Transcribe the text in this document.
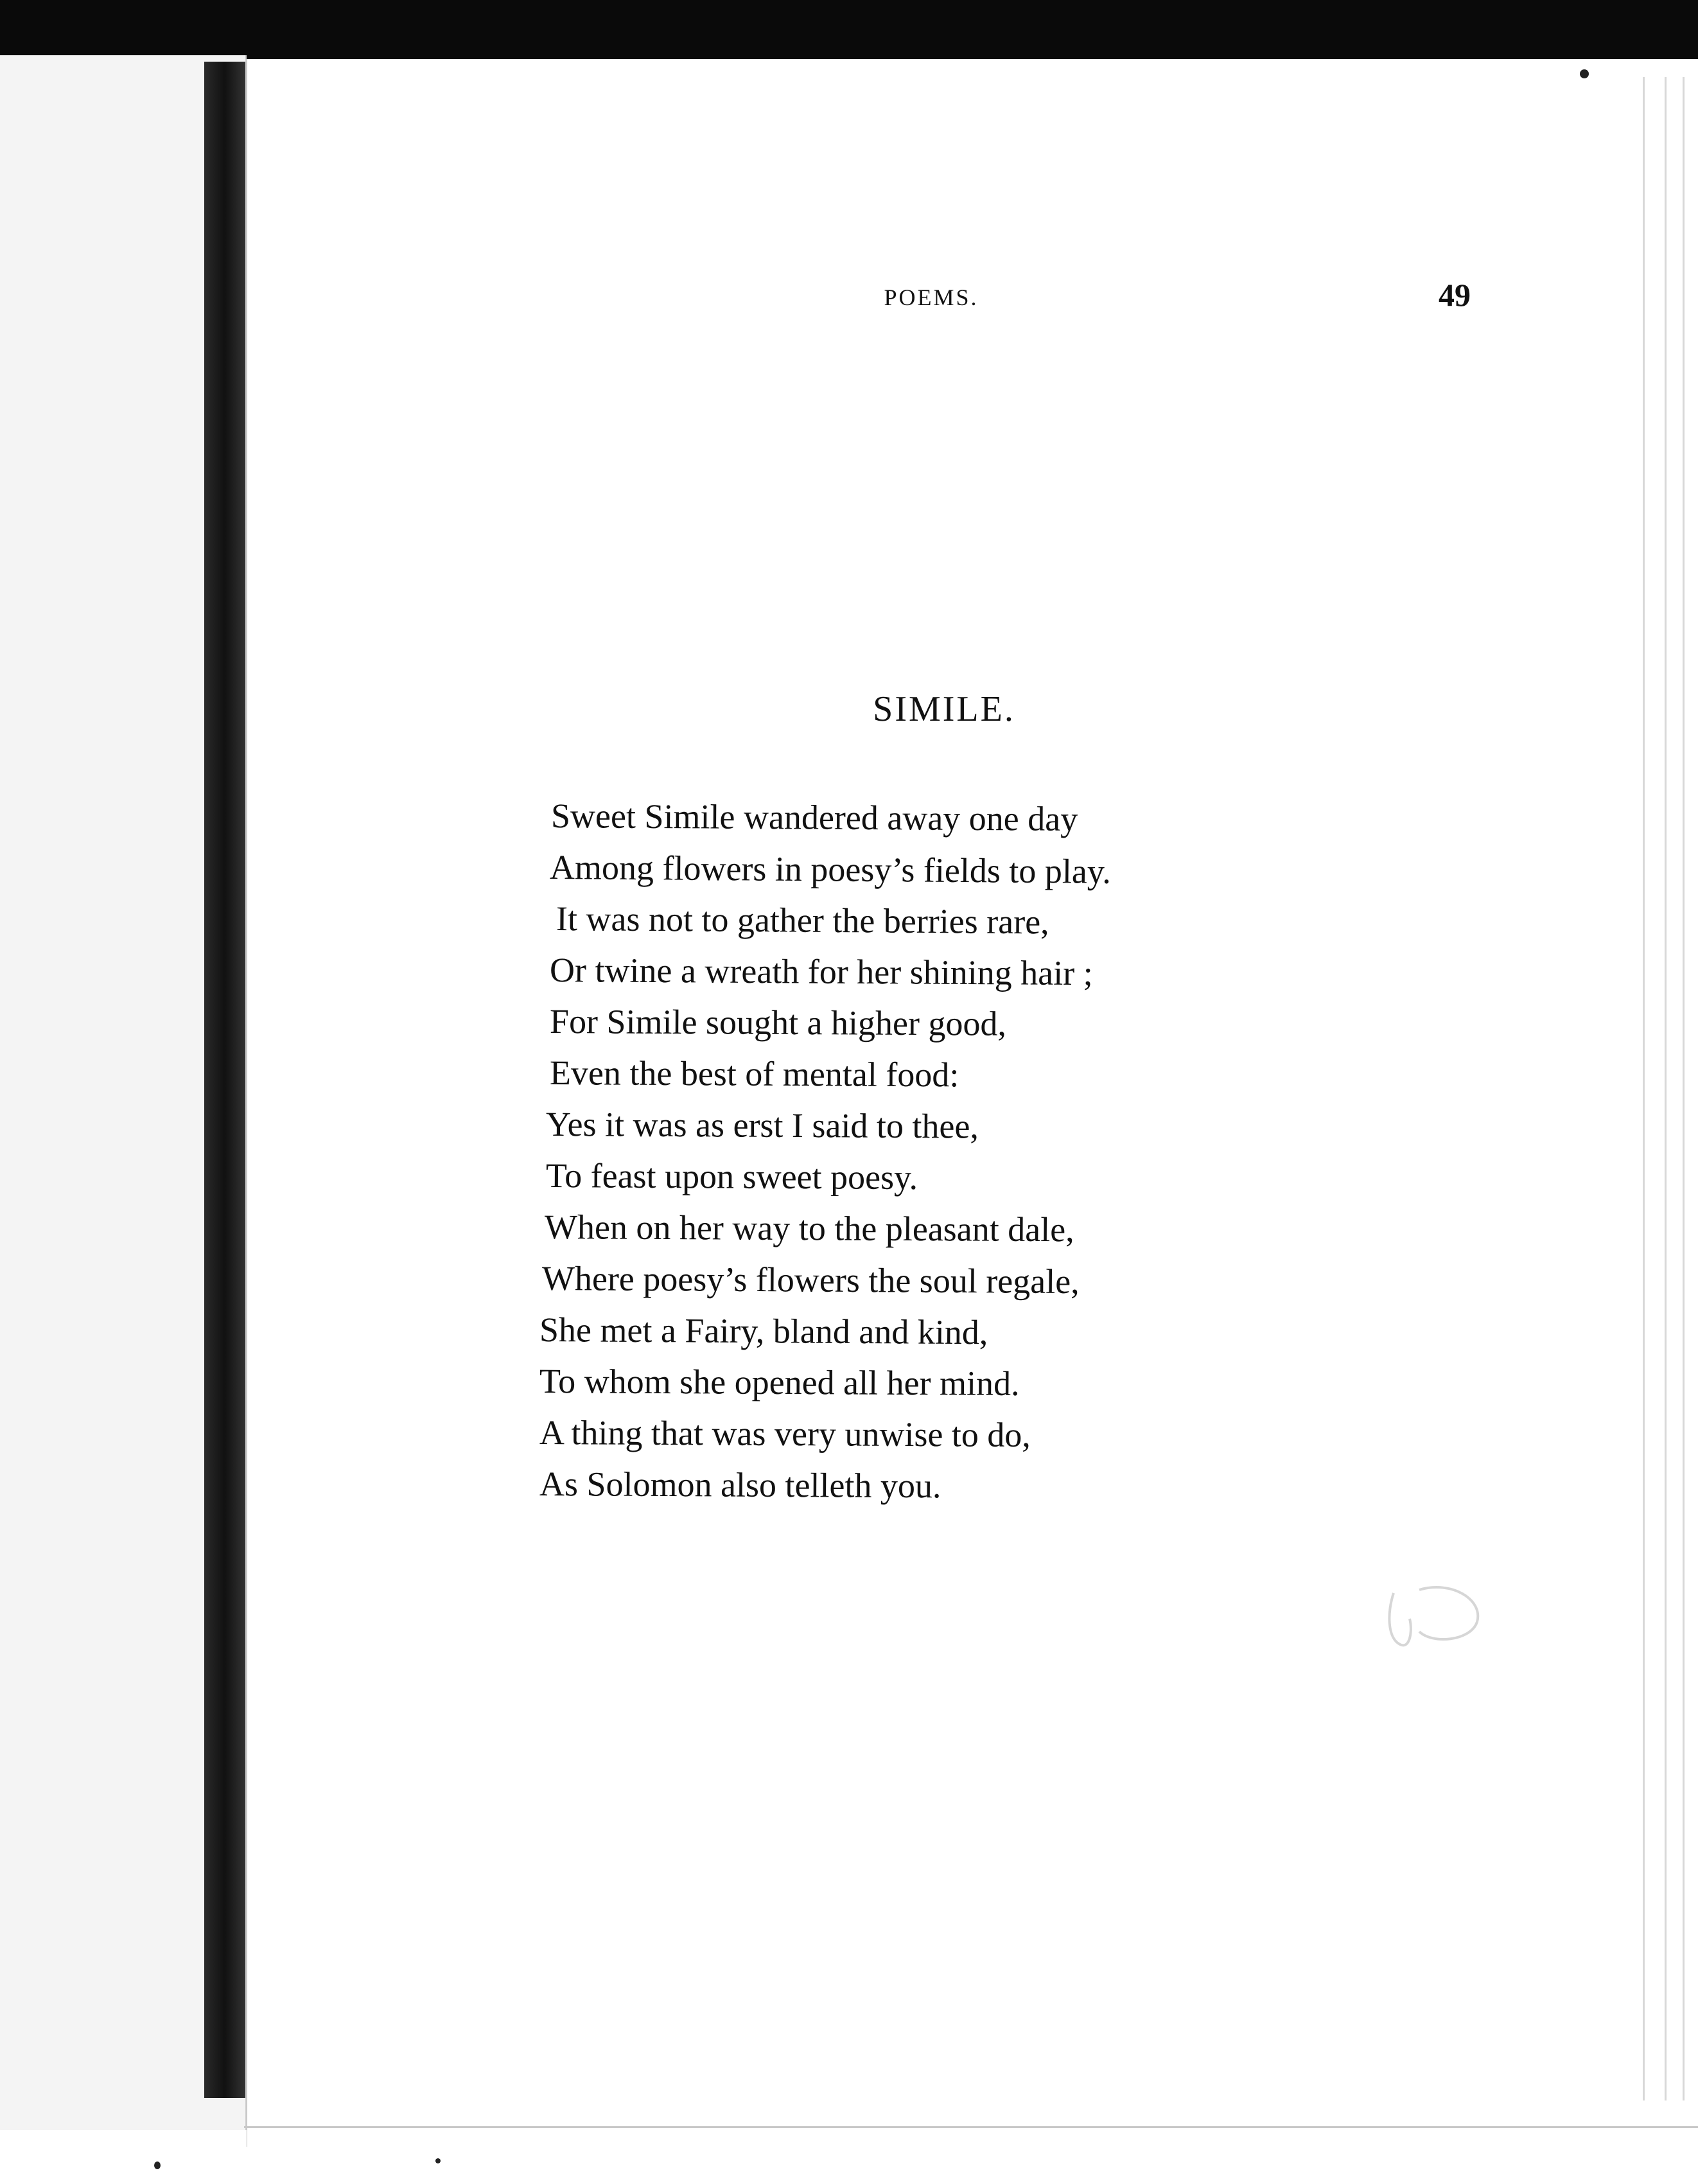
POEMS.	49
SIMILE.
Sweet Simile wandered away one day
Among flowers in poesy’s fields to play.
It was not to gather the berries rare,
Or twine a wreath for her shining hair ;
For Simile sought a higher good,
Even the best of mental food:
Yes it was as erst I said to thee,
To feast upon sweet poesy.
When on her way to the pleasant dale,
Where poesy’s flowers the soul regale,
She met a Fairy, bland and kind,
To whom she opened all her mind.
A thing that was very unwise to do,
As Solomon also telleth you.
